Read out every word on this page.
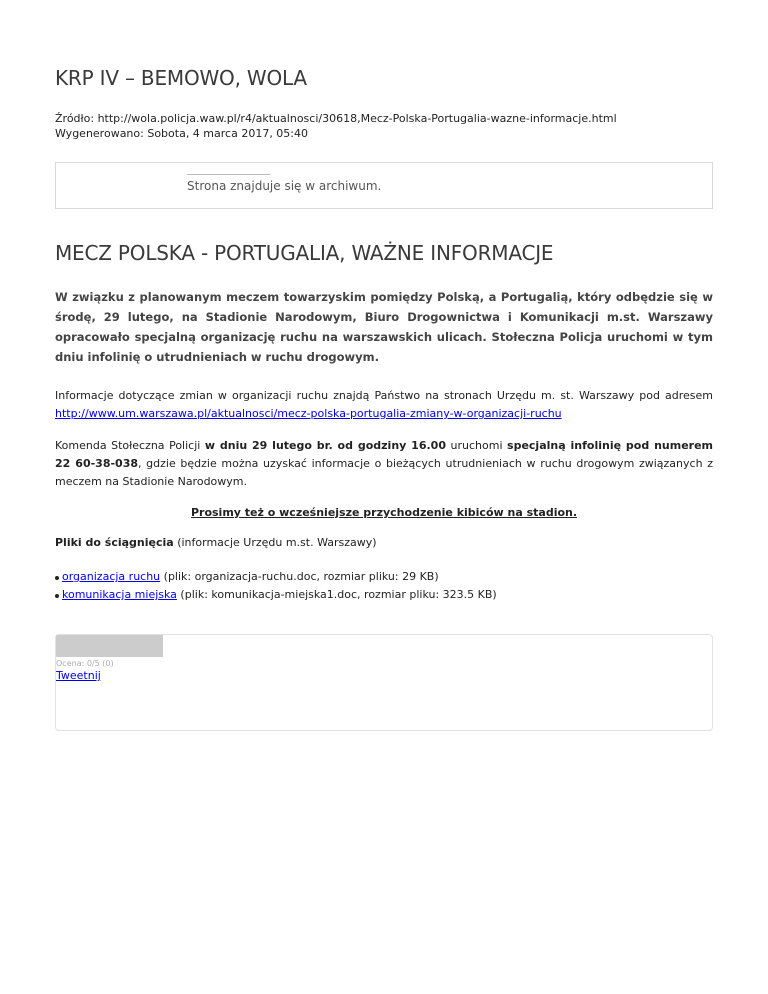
KRP IV – BEMOWO, WOLA
Źródło: http://wola.policja.waw.pl/r4/aktualnosci/30618,Mecz-Polska-Portugalia-wazne-informacje.html
Wygenerowano: Sobota, 4 marca 2017, 05:40
Strona znajduje się w archiwum.
MECZ POLSKA - PORTUGALIA, WAŻNE INFORMACJE
W związku z planowanym meczem towarzyskim pomiędzy Polską, a Portugalią, który odbędzie się w środę, 29 lutego, na Stadionie Narodowym, Biuro Drogownictwa i Komunikacji m.st. Warszawy opracowało specjalną organizację ruchu na warszawskich ulicach. Stołeczna Policja uruchomi w tym dniu infolinię o utrudnieniach w ruchu drogowym.
Informacje dotyczące zmian w organizacji ruchu znajdą Państwo na stronach Urzędu m. st. Warszawy pod adresem http://www.um.warszawa.pl/aktualnosci/mecz-polska-portugalia-zmiany-w-organizacji-ruchu
Komenda Stołeczna Policji w dniu 29 lutego br. od godziny 16.00 uruchomi specjalną infolinię pod numerem 22 60-38-038, gdzie będzie można uzyskać informacje o bieżących utrudnieniach w ruchu drogowym związanych z meczem na Stadionie Narodowym.
Prosimy też o wcześniejsze przychodzenie kibiców na stadion.
Pliki do ściągnięcia (informacje Urzędu m.st. Warszawy)
organizacja ruchu (plik: organizacja-ruchu.doc, rozmiar pliku: 29 KB)
komunikacja miejska (plik: komunikacja-miejska1.doc, rozmiar pliku: 323.5 KB)
Ocena: 0/5 (0)
Tweetnij
